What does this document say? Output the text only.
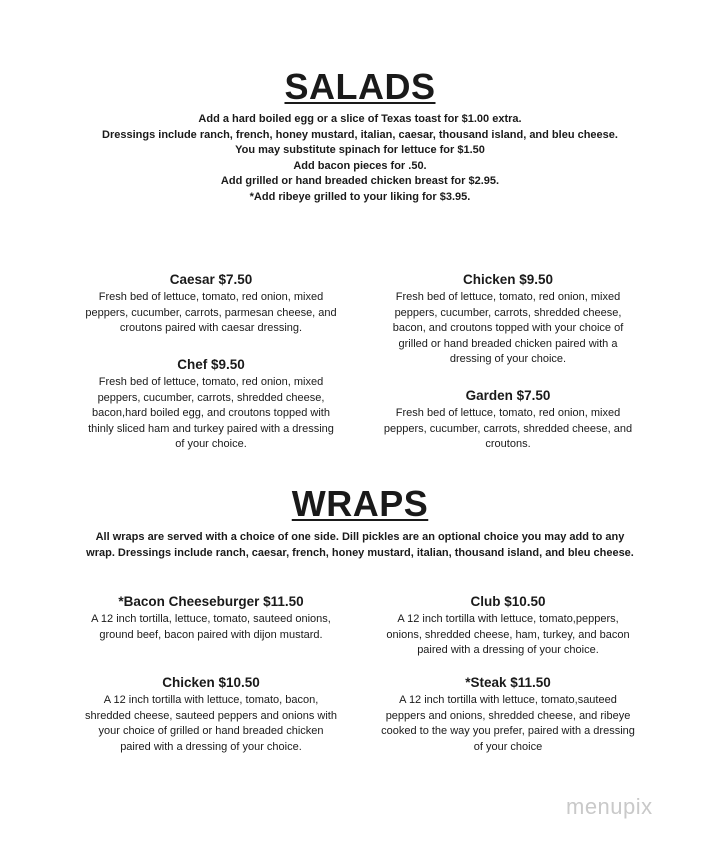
SALADS
Add a hard boiled egg or a slice of Texas toast for $1.00 extra.
Dressings include ranch, french, honey mustard, italian, caesar, thousand island, and bleu cheese.
You may substitute spinach for lettuce for $1.50
Add bacon pieces for .50.
Add grilled or hand breaded chicken breast for $2.95.
*Add ribeye grilled to your liking for $3.95.
Caesar $7.50
Fresh bed of lettuce, tomato, red onion, mixed peppers, cucumber, carrots, parmesan cheese, and croutons paired with caesar dressing.
Chicken $9.50
Fresh bed of lettuce, tomato, red onion, mixed peppers, cucumber, carrots, shredded cheese, bacon, and croutons topped with your choice of grilled or hand breaded chicken paired with a dressing of your choice.
Chef $9.50
Fresh bed of lettuce, tomato, red onion, mixed peppers, cucumber, carrots, shredded cheese, bacon,hard boiled egg, and croutons topped with thinly sliced ham and turkey paired with a dressing of your choice.
Garden $7.50
Fresh bed of lettuce, tomato, red onion, mixed peppers, cucumber, carrots, shredded cheese, and croutons.
WRAPS
All wraps are served with a choice of one side. Dill pickles are an optional choice you may add to any wrap. Dressings include ranch, caesar, french, honey mustard, italian, thousand island, and bleu cheese.
*Bacon Cheeseburger $11.50
A 12 inch tortilla, lettuce, tomato, sauteed onions, ground beef, bacon paired with dijon mustard.
Club $10.50
A 12 inch tortilla with lettuce, tomato,peppers, onions, shredded cheese, ham, turkey, and bacon paired with a dressing of your choice.
Chicken $10.50
A 12 inch tortilla with lettuce, tomato, bacon, shredded cheese, sauteed peppers and onions with your choice of grilled or hand breaded chicken paired with a dressing of your choice.
*Steak $11.50
A 12 inch tortilla with lettuce, tomato,sauteed peppers and onions, shredded cheese, and ribeye cooked to the way you prefer, paired with a dressing of your choice
menupix
